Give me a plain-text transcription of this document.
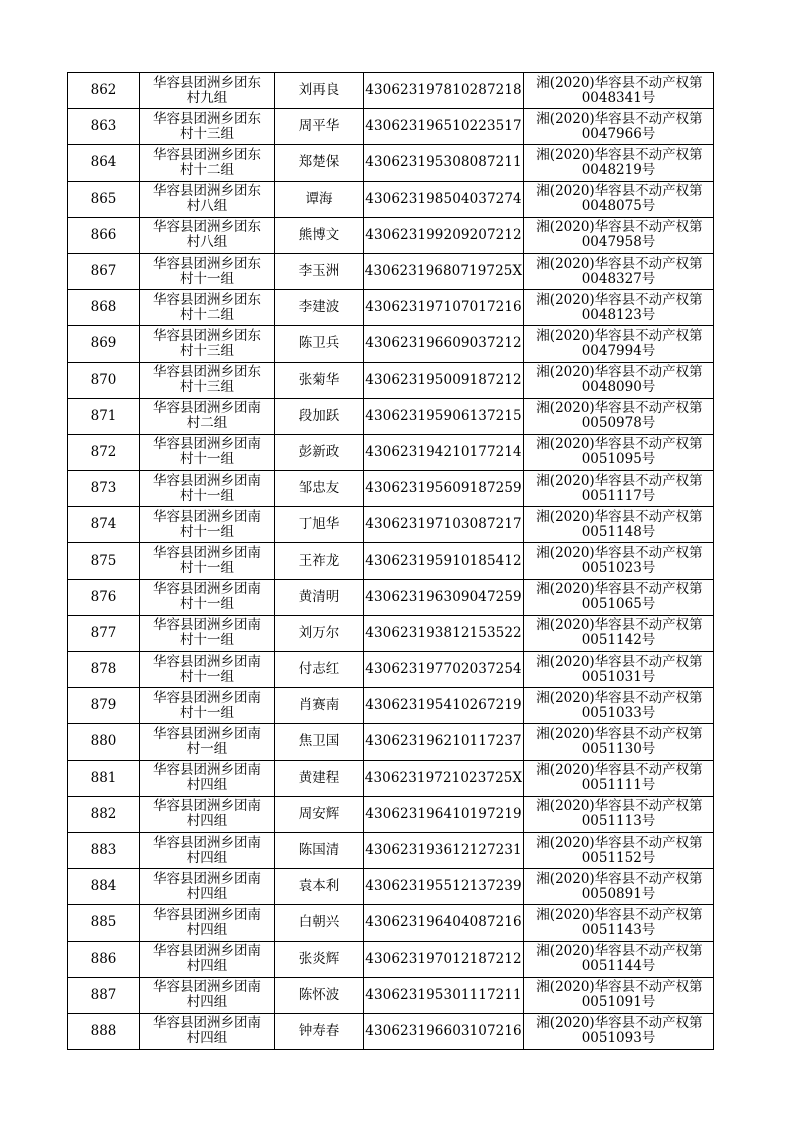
862	华容县团洲乡团东
村九组	刘再良	430623197810287218	湘(2020)华容县不动产权第
0048341号

863	华容县团洲乡团东
村十三组	周平华	430623196510223517	湘(2020)华容县不动产权第
0047966号

864	华容县团洲乡团东
村十二组	郑楚保	430623195308087211	湘(2020)华容县不动产权第
0048219号

865	华容县团洲乡团东
村八组	谭海	430623198504037274	湘(2020)华容县不动产权第
0048075号

866	华容县团洲乡团东
村八组	熊博文	430623199209207212	湘(2020)华容县不动产权第
0047958号

867	华容县团洲乡团东
村十一组	李玉洲	43062319680719725X	湘(2020)华容县不动产权第
0048327号

868	华容县团洲乡团东
村十二组	李建波	430623197107017216	湘(2020)华容县不动产权第
0048123号

869	华容县团洲乡团东
村十三组	陈卫兵	430623196609037212	湘(2020)华容县不动产权第
0047994号

870	华容县团洲乡团东
村十三组	张菊华	430623195009187212	湘(2020)华容县不动产权第
0048090号

871	华容县团洲乡团南
村二组	段加跃	430623195906137215	湘(2020)华容县不动产权第
0050978号

872	华容县团洲乡团南
村十一组	彭新政	430623194210177214	湘(2020)华容县不动产权第
0051095号

873	华容县团洲乡团南
村十一组	邹忠友	430623195609187259	湘(2020)华容县不动产权第
0051117号

874	华容县团洲乡团南
村十一组	丁旭华	430623197103087217	湘(2020)华容县不动产权第
0051148号

875	华容县团洲乡团南
村十一组	王祚龙	430623195910185412	湘(2020)华容县不动产权第
0051023号

876	华容县团洲乡团南
村十一组	黄清明	430623196309047259	湘(2020)华容县不动产权第
0051065号

877	华容县团洲乡团南
村十一组	刘万尔	430623193812153522	湘(2020)华容县不动产权第
0051142号

878	华容县团洲乡团南
村十一组	付志红	430623197702037254	湘(2020)华容县不动产权第
0051031号

879	华容县团洲乡团南
村十一组	肖赛南	430623195410267219	湘(2020)华容县不动产权第
0051033号

880	华容县团洲乡团南
村一组	焦卫国	430623196210117237	湘(2020)华容县不动产权第
0051130号

881	华容县团洲乡团南
村四组	黄建程	43062319721023725X	湘(2020)华容县不动产权第
0051111号

882	华容县团洲乡团南
村四组	周安辉	430623196410197219	湘(2020)华容县不动产权第
0051113号

883	华容县团洲乡团南
村四组	陈国清	430623193612127231	湘(2020)华容县不动产权第
0051152号

884	华容县团洲乡团南
村四组	袁本利	430623195512137239	湘(2020)华容县不动产权第
0050891号

885	华容县团洲乡团南
村四组	白朝兴	430623196404087216	湘(2020)华容县不动产权第
0051143号

886	华容县团洲乡团南
村四组	张炎辉	430623197012187212	湘(2020)华容县不动产权第
0051144号

887	华容县团洲乡团南
村四组	陈怀波	430623195301117211	湘(2020)华容县不动产权第
0051091号

888	华容县团洲乡团南
村四组	钟寿春	430623196603107216	湘(2020)华容县不动产权第
0051093号
